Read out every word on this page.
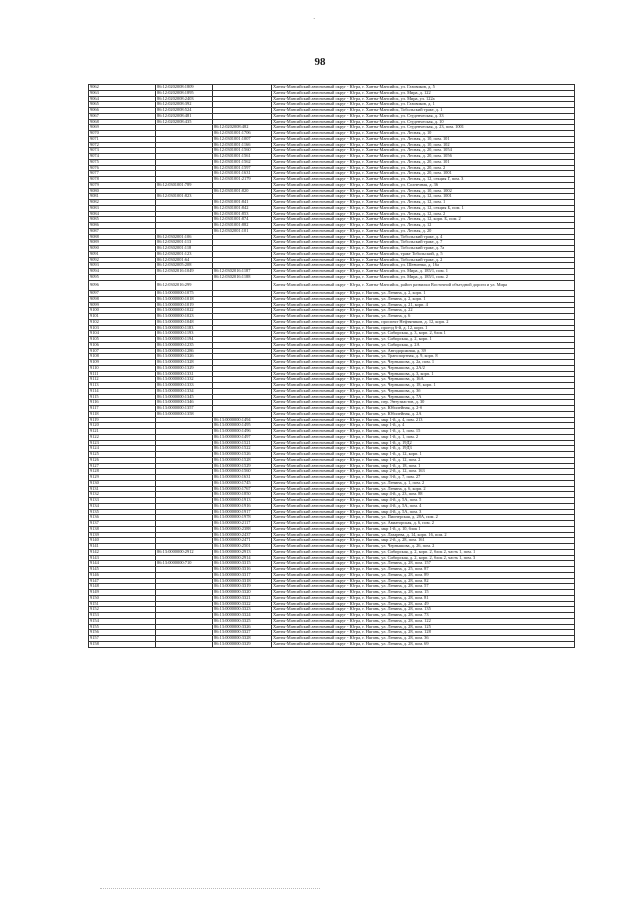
·
98
9062	86:12:0202008:1809		Ханты-Мансийский автономный округ - Югра, г. Ханты-Мансийск, ул. Газовиков, д. 5
9063	86:12:0202008:1895		Ханты-Мансийский автономный округ - Югра, г. Ханты-Мансийск, ул. Мира, д. 122
9064	86:12:0202008:2403		Ханты-Мансийский автономный округ - Югра, г. Ханты-Мансийск, ул. Мира, ул. 122а
9065	86:12:0202008:392		Ханты-Мансийский автономный округ - Югра, г. Ханты-Мансийск, ул. Газовиков, д. 1
9066	86:12:0202008:524		Ханты-Мансийский автономный округ - Югра, г. Ханты-Мансийск, Тобольский тракт, д. 1
9067	86:12:0202008:481		Ханты-Мансийский автономный округ - Югра, г. Ханты-Мансийск, ул. Студенческая, д. 33
9068	86:12:0202008:435		Ханты-Мансийский автономный округ - Югра, г. Ханты-Мансийск, ул. Студенческая, д. 10
9069		86:12:0202008:482	Ханты-Мансийский автономный округ - Югра, г. Ханты-Мансийск, ул. Студенческая, д. 23, пом. 1001
9070		86:12:0301001:1706	Ханты-Мансийский автономный округ - Югра, г. Ханты-Мансийск, ул. Лесная, д. 10
9071		86:12:0301001:1007	Ханты-Мансийский автономный округ - Югра, г. Ханты-Мансийск, ул. Лесная, д. 10, пом. 101
9072		86:12:0301001:1166	Ханты-Мансийский автономный округ - Югра, г. Ханты-Мансийск, ул. Лесная, д. 10, пом. 102
9073		86:12:0301001:1560	Ханты-Мансийский автономный округ - Югра, г. Ханты-Мансийск, ул. Лесная, д. 20, пом. 1054
9074		86:12:0301001:1561	Ханты-Мансийский автономный округ - Югра, г. Ханты-Мансийск, ул. Лесная, д. 20, пом. 1056
9075		86:12:0301001:1562	Ханты-Мансийский автономный округ - Югра, г. Ханты-Мансийск, ул. Лесная, д. 20, пом. 101
9076		86:12:0301001:1597	Ханты-Мансийский автономный округ - Югра, г. Ханты-Мансийск, ул. Лесная, д. 20, пом. 2
9077		86:12:0301001:1631	Ханты-Мансийский автономный округ - Югра, г. Ханты-Мансийск, ул. Лесная, д. 20, пом. 1001
9078		86:12:0301001:2179	Ханты-Мансийский автономный округ - Югра, г. Ханты-Мансийск, ул. Лесная, д. 12, секция Г, пом. 3
9079	86:12:0301001:789		Ханты-Мансийский автономный округ - Югра, г. Ханты-Мансийск, ул. Солнечная, д. 36
9080		86:12:0301001:820	Ханты-Мансийский автономный округ - Югра, г. Ханты-Мансийск, ул. Лесная, д. 10, пом. 1002
9081	86:12:0301001:823		Ханты-Мансийский автономный округ - Югра, г. Ханты-Мансийск, ул. Лесная, д. 12, пом. 1001
9082		86:12:0301001:841	Ханты-Мансийский автономный округ - Югра, г. Ханты-Мансийск, ул. Лесная, д. 12, пом. 1
9083		86:12:0301001:842	Ханты-Мансийский автономный округ - Югра, г. Ханты-Мансийск, ул. Лесная, д. 12, секция Б, пом. 1
9084		86:12:0301001:853	Ханты-Мансийский автономный округ - Югра, г. Ханты-Мансийск, ул. Лесная, д. 12, пом. 2
9085		86:12:0301001:874	Ханты-Мансийский автономный округ - Югра, г. Ханты-Мансийск, ул. Лесная, д. 12, корп. Б, пом. 2
9086		86:12:0301001:882	Ханты-Мансийский автономный округ - Югра, г. Ханты-Мансийск, ул. Лесная, д. 12
9087		86:12:0302001:101	Ханты-Мансийский автономный округ - Югра, г. Ханты-Мансийск, ул. Лесная, д. 20
9088	86:12:0302001:106		Ханты-Мансийский автономный округ - Югра, г. Ханты-Мансийск, Тобольский тракт, д. 4
9089	86:12:0302001:113		Ханты-Мансийский автономный округ - Югра, г. Ханты-Мансийск, Тобольский тракт, д. 7
9090	86:12:0302001:118		Ханты-Мансийский автономный округ - Югра, г. Ханты-Мансийск, Тобольский тракт, д. 7а
9091	86:12:0302001:123		Ханты-Мансийский автономный округ - Югра, г. Ханты-Мансийск, тракт Тобольский, д. 5
9092	86:12:0302001:64		Ханты-Мансийский автономный округ - Югра, г. Ханты-Мансийск, Тобольский тракт, д. 2
9093	86:12:0302005:208		Ханты-Мансийский автономный округ - Югра, г. Ханты-Мансийск, ул. Шевченко, д. 16а
9094	86:12:0302016:1049	86:12:0302016:1187	Ханты-Мансийский автономный округ - Югра, г. Ханты-Мансийск, ул. Мира, д. 185/1, пом. 1
9095		86:12:0302016:1188	Ханты-Мансийский автономный округ - Югра, г. Ханты-Мансийск, ул. Мира, д. 185/1, пом. 2
9096	86:12:0302016:299		Ханты-Мансийский автономный округ - Югра, г. Ханты-Мансийск, район развилки Восточной объездной дороги и ул. Мира
9097	86:13:0000000:1075		Ханты-Мансийский автономный округ - Югра, г. Нягань, ул. Ленина, д. 2, корп. 1
9098	86:13:0000000:1018		Ханты-Мансийский автономный округ - Югра, г. Нягань, ул. Ленина, д. 2, корп. 1
9099	86:13:0000000:1019		Ханты-Мансийский автономный округ - Югра, г. Нягань, ул. Ленина, д. 21, корп. 4
9100	86:13:0000000:1022		Ханты-Мансийский автономный округ - Югра, г. Нягань, ул. Ленина, д. 22
9101	86:13:0000000:1023		Ханты-Мансийский автономный округ - Югра, г. Нягань, ул. Ленина, д. 6
9102	86:13:0000000:1048		Ханты-Мансийский автономный округ - Югра, г. Нягань, проспект Нефтяников, д. 12, корп. 2
9103	86:13:0000000:1183		Ханты-Мансийский автономный округ - Югра, г. Нягань, проезд 6-й, д. 12, корп. 1
9104	86:13:0000000:1193		Ханты-Мансийский автономный округ - Югра, г. Нягань, ул. Сибирская, д. 3, корп. 2, блок 1
9105	86:13:0000000:1194		Ханты-Мансийский автономный округ - Югра, г. Нягань, ул. Сибирская, д. 2, корп. 1
9106	86:13:0000000:1235		Ханты-Мансийский автономный округ - Югра, г. Нягань, ул. Сибирская, д. 2А
9107	86:13:0000000:1286		Ханты-Мансийский автономный округ - Югра, г. Нягань, ул. Автодорожная, д. 39
9108	86:13:0000000:1326		Ханты-Мансийский автономный округ - Югра, г. Нягань, ул. Транспортная, д. 9, корп. 8
9109	86:13:0000000:1328		Ханты-Мансийский автономный округ - Югра, г. Нягань, ул. Чернышова, д. 2а, пом. 1
9110	86:13:0000000:1329		Ханты-Мансийский автономный округ - Югра, г. Нягань, ул. Чернышова, д. 2А/2
9111	86:13:0000000:1331		Ханты-Мансийский автономный округ - Югра, г. Нягань, ул. Чернышова, д. 3, корп. 1
9112	86:13:0000000:1332		Ханты-Мансийский автономный округ - Югра, г. Нягань, ул. Чернышова, д. 16А
9113	86:13:0000000:1333		Ханты-Мансийский автономный округ - Югра, г. Нягань, ул. Чернышова, д. 18, корп. 1
9114	86:13:0000000:1334		Ханты-Мансийский автономный округ - Югра, г. Нягань, ул. Чернышова, д. 3б
9115	86:13:0000000:1345		Ханты-Мансийский автономный округ - Югра, г. Нягань, ул. Чернышова, д. 7А
9116	86:13:0000000:1346		Ханты-Мансийский автономный округ - Югра, г. Нягань, пер. Энтузиастов, д. 30
9117	86:13:0000000:1357		Ханты-Мансийский автономный округ - Югра, г. Нягань, ул. Юбилейная, д. 2-б
9118	86:13:0000000:1358		Ханты-Мансийский автономный округ - Югра, г. Нягань, ул. Юбилейная, д. 2А
9119		86:13:0000000:1494	Ханты-Мансийский автономный округ - Югра, г. Нягань, мкр 1-й, д. 4, пом. 213
9120		86:13:0000000:1495	Ханты-Мансийский автономный округ - Югра, г. Нягань, мкр 1-й, д. 4
9121		86:13:0000000:1496	Ханты-Мансийский автономный округ - Югра, г. Нягань, мкр 1-й, д. 1, пом. 15
9122		86:13:0000000:1497	Ханты-Мансийский автономный округ - Югра, г. Нягань, мкр 1-й, д. 1, пом. 2
9123		86:13:0000000:1521	Ханты-Мансийский автономный округ - Югра, г. Нягань, мкр 1-й, д. 19Д2
9124		86:13:0000000:1522	Ханты-Мансийский автономный округ - Югра, г. Нягань, мкр 1-й, д. 19Д3
9125		86:13:0000000:1526	Ханты-Мансийский автономный округ - Югра, г. Нягань, мкр 1-й, д. 12, корп. 1
9126		86:13:0000000:1528	Ханты-Мансийский автономный округ - Югра, г. Нягань, мкр 1-й, д. 12, пом. 2
9127		86:13:0000000:1529	Ханты-Мансийский автономный округ - Югра, г. Нягань, мкр 1-й, д. 18, пом. 1
9128		86:13:0000000:1560	Ханты-Мансийский автономный округ - Югра, г. Нягань, мкр 2-й, д. 12, пом. 163
9129		86:13:0000000:1631	Ханты-Мансийский автономный округ - Югра, г. Нягань, мкр 3-й, д. 7, пом. 27
9130		86:13:0000000:1745	Ханты-Мансийский автономный округ - Югра, г. Нягань, ул. Ленина, д. 1, пом. 2
9131		86:13:0000000:1767	Ханты-Мансийский автономный округ - Югра, г. Нягань, ул. Ленина, д. 6, корп. 2
9132		86:13:0000000:1850	Ханты-Мансийский автономный округ - Югра, г. Нягань, мкр 4-й, д. 23, пом. 88
9133		86:13:0000000:1913	Ханты-Мансийский автономный округ - Югра, г. Нягань, мкр 4-й, д. 5А, пом. 5
9134		86:13:0000000:1916	Ханты-Мансийский автономный округ - Югра, г. Нягань, мкр 4-й, д. 5А, пом. 4
9135		86:13:0000000:1917	Ханты-Мансийский автономный округ - Югра, г. Нягань, мкр 4-й, д. 5А, пом. 3
9136		86:13:0000000:1978	Ханты-Мансийский автономный округ - Югра, г. Нягань, ул. Пионерская, д. 28А, пом. 2
9137		86:13:0000000:2117	Ханты-Мансийский автономный округ - Югра, г. Нягань, ул. Авиаторская, д. 6, пом. 2
9138		86:13:0000000:2388	Ханты-Мансийский автономный округ - Югра, г. Нягань, мкр 1-й, д. 10, блок 1
9139		86:13:0000000:2437	Ханты-Мансийский автономный округ - Югра, г. Нягань, ул. Лазарева, д. 14, корп. 16, пом. 2
9140		86:13:0000000:2471	Ханты-Мансийский автономный округ - Югра, г. Нягань, мкр 2-й, д. 28, пом. 161
9141		86:13:0000000:2501	Ханты-Мансийский автономный округ - Югра, г. Нягань, ул. Чернышова, д. 26, пом. 2
9142	86:13:0000000:2912	86:13:0000000:2913	Ханты-Мансийский автономный округ - Югра, г. Нягань, ул. Сибирская, д. 2, корп. 2, блок 2, часть 1, пом. 1
9143		86:13:0000000:2914	Ханты-Мансийский автономный округ - Югра, г. Нягань, ул. Сибирская, д. 2, корп. 2, блок 2, часть 1, пом. 3
9144	86:13:0000000:710	86:13:0000000:3315	Ханты-Мансийский автономный округ - Югра, г. Нягань, ул. Ленина, д. 28, пом. 157
9145		86:13:0000000:3316	Ханты-Мансийский автономный округ - Югра, г. Нягань, ул. Ленина, д. 25, пом. 87
9146		86:13:0000000:3317	Ханты-Мансийский автономный округ - Югра, г. Нягань, ул. Ленина, д. 28, пом. 89
9147		86:13:0000000:3318	Ханты-Мансийский автономный округ - Югра, г. Нягань, ул. Ленина, д. 28, пом. 82
9148		86:13:0000000:3319	Ханты-Мансийский автономный округ - Югра, г. Нягань, ул. Ленина, д. 28, пом. 57
9149		86:13:0000000:3320	Ханты-Мансийский автономный округ - Югра, г. Нягань, ул. Ленина, д. 28, пом. 15
9150		86:13:0000000:3321	Ханты-Мансийский автономный округ - Югра, г. Нягань, ул. Ленина, д. 28, пом. 81
9151		86:13:0000000:3322	Ханты-Мансийский автономный округ - Югра, г. Нягань, ул. Ленина, д. 28, пом. 49
9152		86:13:0000000:3323	Ханты-Мансийский автономный округ - Югра, г. Нягань, ул. Ленина, д. 28, пом. 135
9153		86:13:0000000:3324	Ханты-Мансийский автономный округ - Югра, г. Нягань, ул. Ленина, д. 28, пом. 73
9154		86:13:0000000:3325	Ханты-Мансийский автономный округ - Югра, г. Нягань, ул. Ленина, д. 28, пом. 122
9155		86:13:0000000:3326	Ханты-Мансийский автономный округ - Югра, г. Нягань, ул. Ленина, д. 28, пом. 125
9156		86:13:0000000:3327	Ханты-Мансийский автономный округ - Югра, г. Нягань, ул. Ленина, д. 28, пом. 128
9157		86:13:0000000:3328	Ханты-Мансийский автономный округ - Югра, г. Нягань, ул. Ленина, д. 28, пом. 36
9158		86:13:0000000:3329	Ханты-Мансийский автономный округ - Югра, г. Нягань, ул. Ленина, д. 28, пом. 69
